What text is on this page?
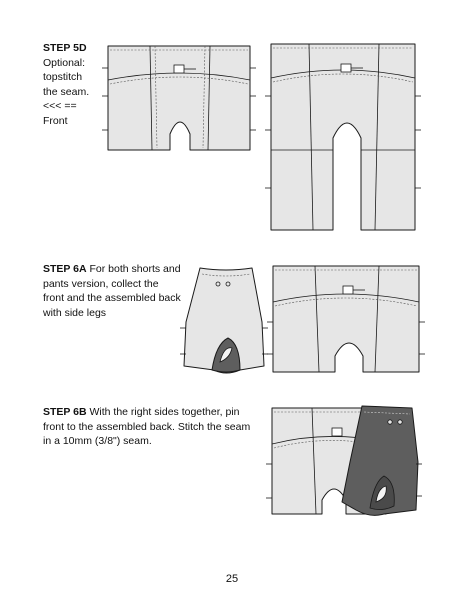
STEP 5D
Optional:
topstitch
the seam.
<<< ==
Front
STEP 6A For both shorts and pants version, collect the front and the assembled back with side legs
STEP 6B With the right sides together, pin front to the assembled back. Stitch the seam in a 10mm (3/8") seam.
25
